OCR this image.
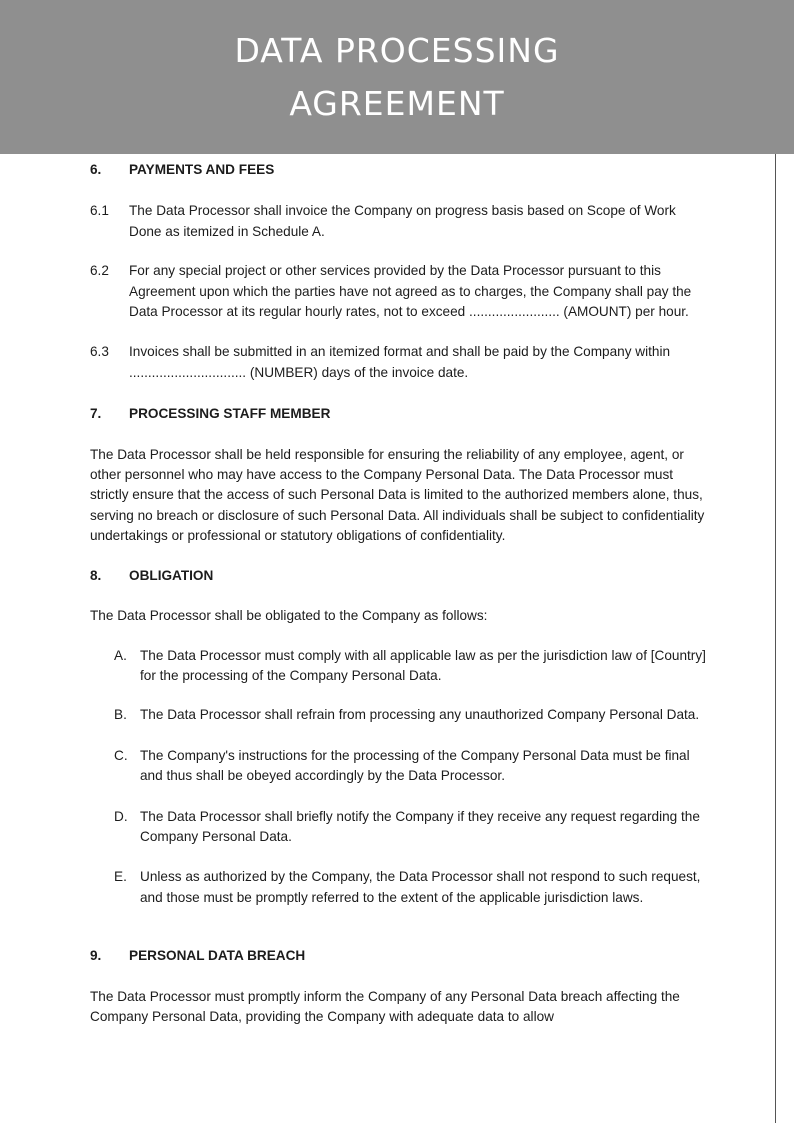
DATA PROCESSING
AGREEMENT
6.	PAYMENTS AND FEES
6.1	The Data Processor shall invoice the Company on progress basis based on Scope of Work Done as itemized in Schedule A.
6.2	For any special project or other services provided by the Data Processor pursuant to this Agreement upon which the parties have not agreed as to charges, the Company shall pay the Data Processor at its regular hourly rates, not to exceed ........................ (AMOUNT) per hour.
6.3	Invoices shall be submitted in an itemized format and shall be paid by the Company within ............................... (NUMBER) days of the invoice date.
7.	PROCESSING STAFF MEMBER

The Data Processor shall be held responsible for ensuring the reliability of any employee, agent, or other personnel who may have access to the Company Personal Data. The Data Processor must strictly ensure that the access of such Personal Data is limited to the authorized members alone, thus, serving no breach or disclosure of such Personal Data. All individuals shall be subject to confidentiality undertakings or professional or statutory obligations of confidentiality.

8.	OBLIGATION

The Data Processor shall be obligated to the Company as follows:

A. The Data Processor must comply with all applicable law as per the jurisdiction law of [Country] for the processing of the Company Personal Data.
B. The Data Processor shall refrain from processing any unauthorized Company Personal Data.
C. The Company's instructions for the processing of the Company Personal Data must be final and thus shall be obeyed accordingly by the Data Processor.
D. The Data Processor shall briefly notify the Company if they receive any request regarding the Company Personal Data.
E. Unless as authorized by the Company, the Data Processor shall not respond to such request, and those must be promptly referred to the extent of the applicable jurisdiction laws.
9.	PERSONAL DATA BREACH

The Data Processor must promptly inform the Company of any Personal Data breach affecting the Company Personal Data, providing the Company with adequate data to allow
